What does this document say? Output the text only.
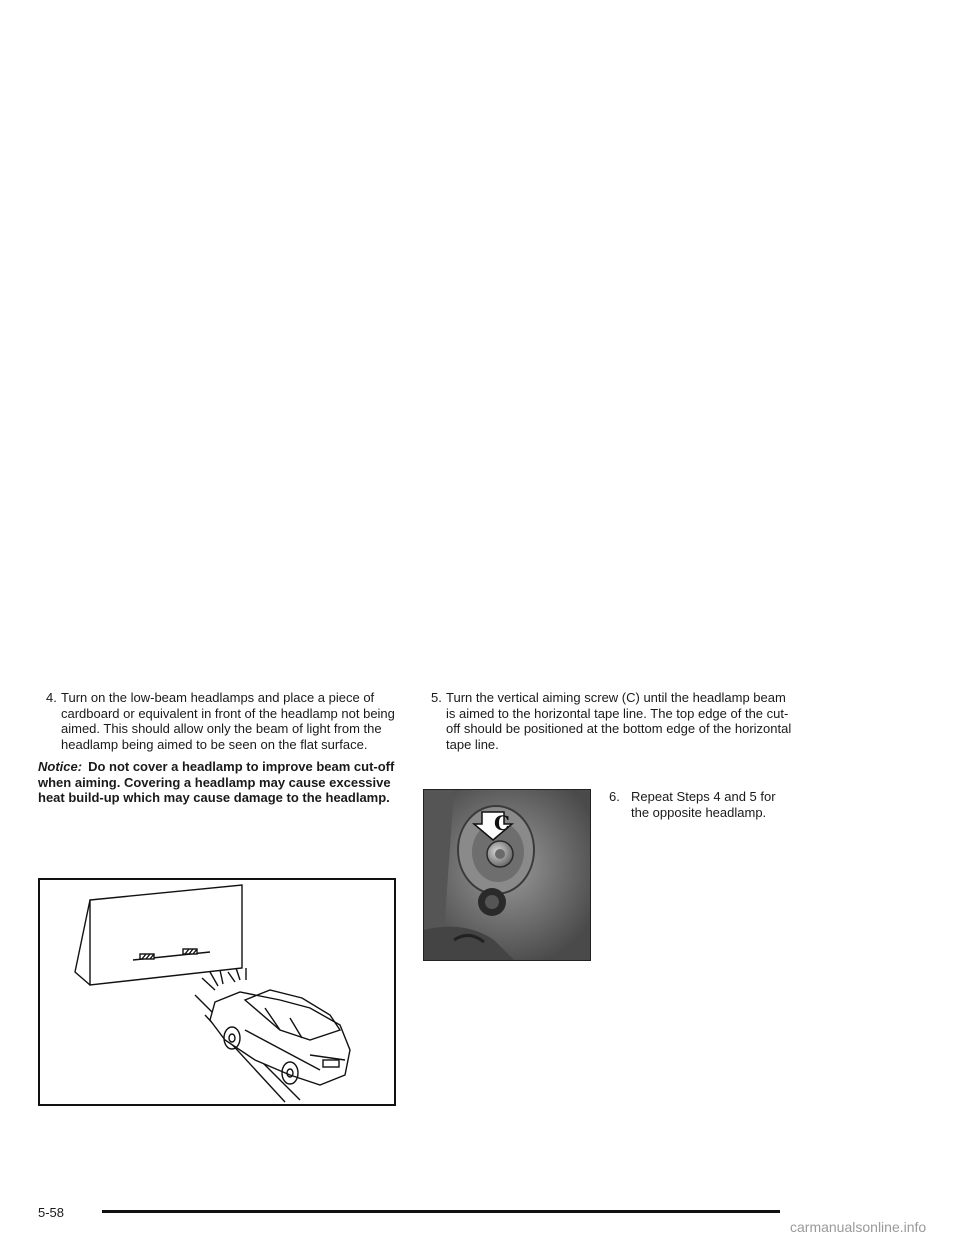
4. Turn on the low-beam headlamps and place a piece of cardboard or equivalent in front of the headlamp not being aimed. This should allow only the beam of light from the headlamp being aimed to be seen on the flat surface.

Notice: Do not cover a headlamp to improve beam cut-off when aiming. Covering a headlamp may cause excessive heat build-up which may cause damage to the headlamp.

5. Turn the vertical aiming screw (C) until the headlamp beam is aimed to the horizontal tape line. The top edge of the cut-off should be positioned at the bottom edge of the horizontal tape line.

C
6. Repeat Steps 4 and 5 for the opposite headlamp.
5-58
carmanualsonline.info
